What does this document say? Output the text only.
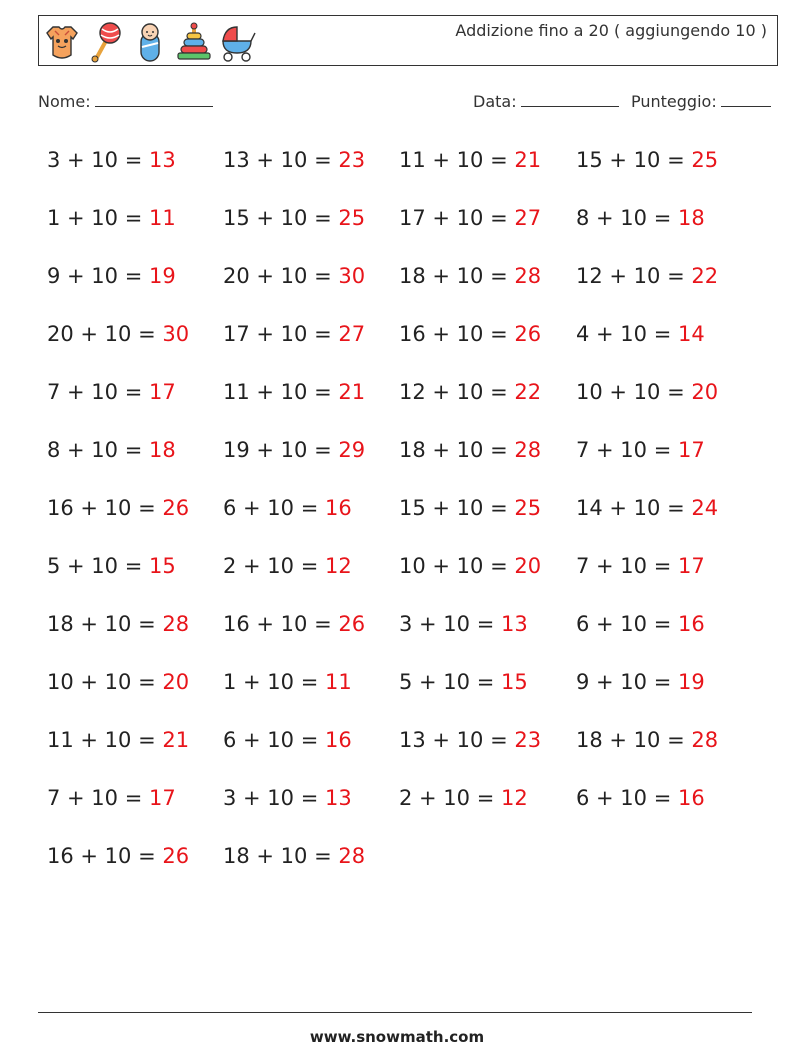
Addizione fino a 20 ( aggiungendo 10 )
Nome:	Data:	Punteggio:
3 + 10 = 13
1 + 10 = 11
9 + 10 = 19
20 + 10 = 30
7 + 10 = 17
8 + 10 = 18
16 + 10 = 26
5 + 10 = 15
18 + 10 = 28
10 + 10 = 20
11 + 10 = 21
7 + 10 = 17
16 + 10 = 26
13 + 10 = 23
15 + 10 = 25
20 + 10 = 30
17 + 10 = 27
11 + 10 = 21
19 + 10 = 29
6 + 10 = 16
2 + 10 = 12
16 + 10 = 26
1 + 10 = 11
6 + 10 = 16
3 + 10 = 13
18 + 10 = 28
11 + 10 = 21
17 + 10 = 27
18 + 10 = 28
16 + 10 = 26
12 + 10 = 22
18 + 10 = 28
15 + 10 = 25
10 + 10 = 20
3 + 10 = 13
5 + 10 = 15
13 + 10 = 23
2 + 10 = 12
15 + 10 = 25
8 + 10 = 18
12 + 10 = 22
4 + 10 = 14
10 + 10 = 20
7 + 10 = 17
14 + 10 = 24
7 + 10 = 17
6 + 10 = 16
9 + 10 = 19
18 + 10 = 28
6 + 10 = 16
www.snowmath.com
